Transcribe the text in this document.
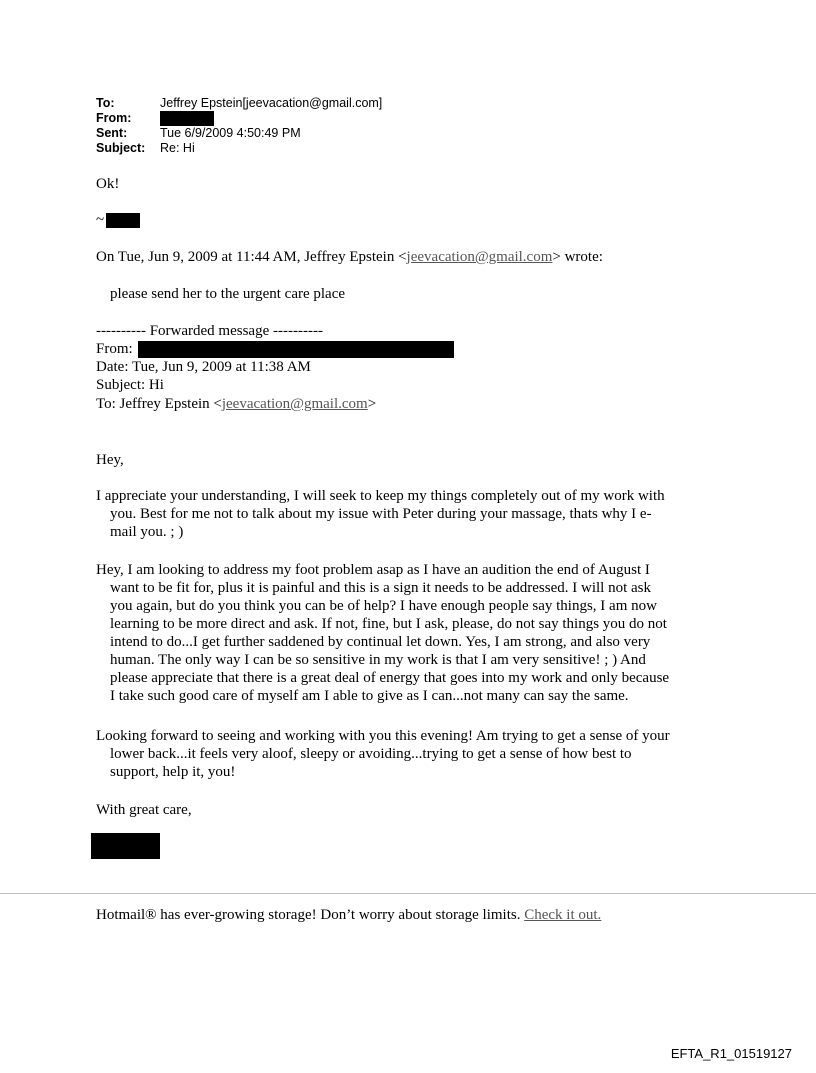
To:	Jeffrey Epstein[jeevacation@gmail.com]
From:
Sent:	Tue 6/9/2009 4:50:49 PM
Subject: Re: Hi
Ok!
~
On Tue, Jun 9, 2009 at 11:44 AM, Jeffrey Epstein <jeevacation@gmail.com> wrote:
please send her to the urgent care place
---------- Forwarded message ----------
From:
Date: Tue, Jun 9, 2009 at 11:38 AM
Subject: Hi
To: Jeffrey Epstein <jeevacation@gmail.com>
Hey,
I appreciate your understanding, I will seek to keep my things completely out of my work with
you. Best for me not to talk about my issue with Peter during your massage, thats why I e-
mail you. ; )
Hey, I am looking to address my foot problem asap as I have an audition the end of August I
want to be fit for, plus it is painful and this is a sign it needs to be addressed. I will not ask
you again, but do you think you can be of help? I have enough people say things, I am now
learning to be more direct and ask. If not, fine, but I ask, please, do not say things you do not
intend to do...I get further saddened by continual let down. Yes, I am strong, and also very
human. The only way I can be so sensitive in my work is that I am very sensitive! ; ) And
please appreciate that there is a great deal of energy that goes into my work and only because
I take such good care of myself am I able to give as I can...not many can say the same.
Looking forward to seeing and working with you this evening! Am trying to get a sense of your
lower back...it feels very aloof, sleepy or avoiding...trying to get a sense of how best to
support, help it, you!
With great care,
Hotmail® has ever-growing storage! Don’t worry about storage limits. Check it out.
EFTA_R1_01519127
